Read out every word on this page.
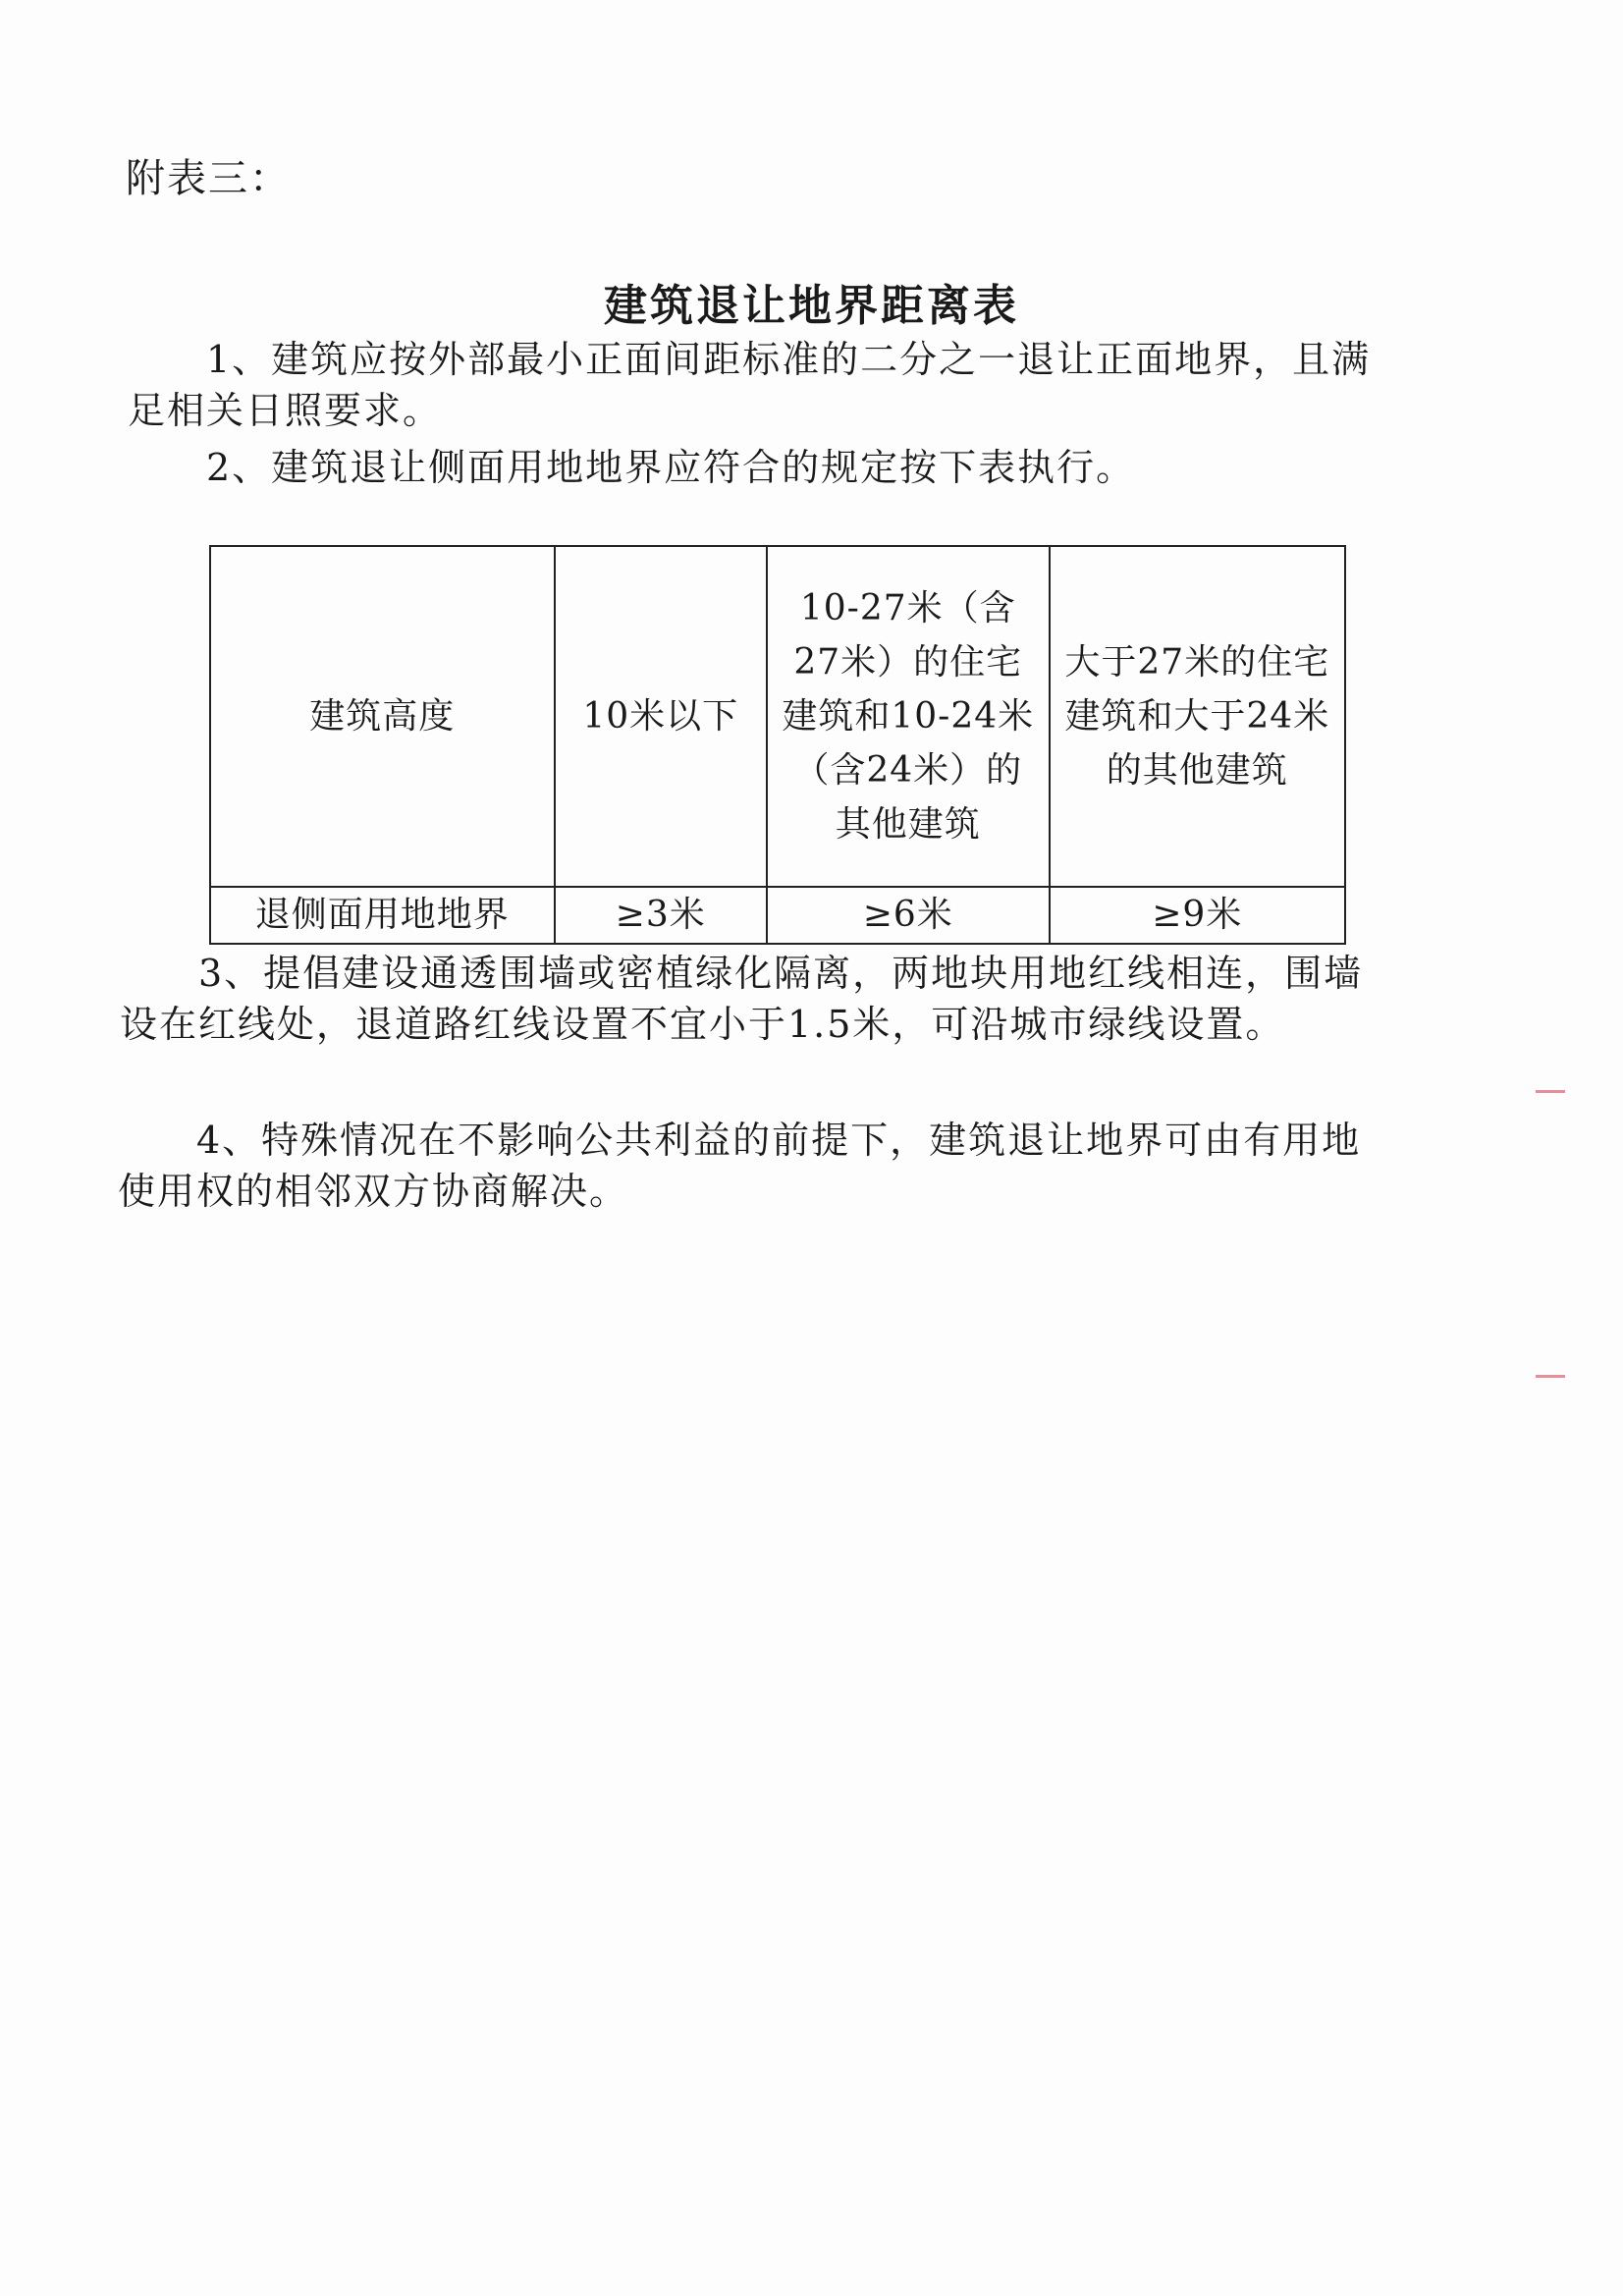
附表三：
建筑退让地界距离表
1、建筑应按外部最小正面间距标准的二分之一退让正面地界，且满足相关日照要求。
2、建筑退让侧面用地地界应符合的规定按下表执行。
建筑高度	10米以下	10-27米（含27米）的住宅建筑和10-24米（含24米）的其他建筑	大于27米的住宅建筑和大于24米的其他建筑
退侧面用地地界	≥3米	≥6米	≥9米
3、提倡建设通透围墙或密植绿化隔离，两地块用地红线相连，围墙设在红线处，退道路红线设置不宜小于1.5米，可沿城市绿线设置。
4、特殊情况在不影响公共利益的前提下，建筑退让地界可由有用地使用权的相邻双方协商解决。
